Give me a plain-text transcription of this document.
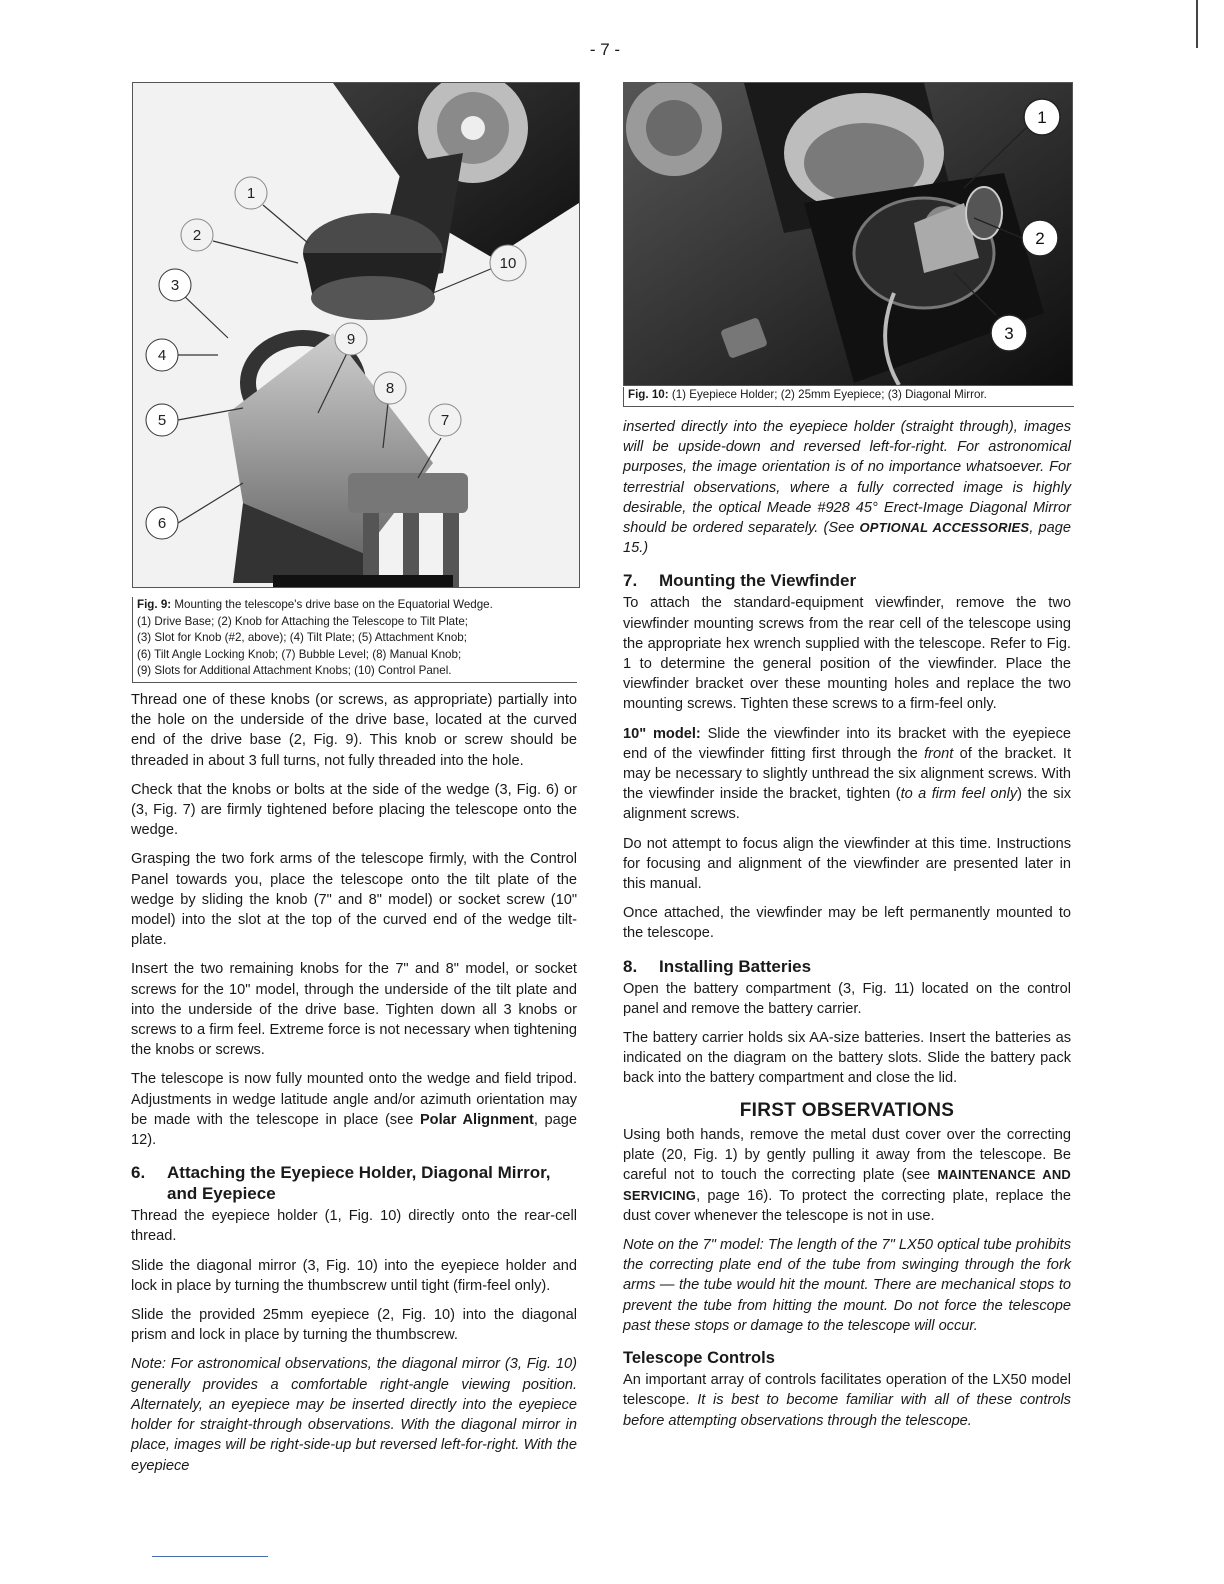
- 7 -
1
2
3
4
5
6
7
8
9
10
Fig. 9: Mounting the telescope's drive base on the Equatorial Wedge.
(1) Drive Base; (2) Knob for Attaching the Telescope to Tilt Plate;
(3) Slot for Knob (#2, above); (4) Tilt Plate; (5) Attachment Knob;
(6) Tilt Angle Locking Knob; (7) Bubble Level; (8) Manual Knob;
(9) Slots for Additional Attachment Knobs; (10) Control Panel.
1
2
3
Fig. 10: (1) Eyepiece Holder; (2) 25mm Eyepiece; (3) Diagonal Mirror.

Thread one of these knobs (or screws, as appropriate) partially into the hole on the underside of the drive base, located at the curved end of the drive base (2, Fig. 9). This knob or screw should be threaded in about 3 full turns, not fully threaded into the hole.

Check that the knobs or bolts at the side of the wedge (3, Fig. 6) or (3, Fig. 7) are firmly tightened before placing the telescope onto the wedge.

Grasping the two fork arms of the telescope firmly, with the Control Panel towards you, place the telescope onto the tilt plate of the wedge by sliding the knob (7" and 8" model) or socket screw (10" model) into the slot at the top of the curved end of the wedge tilt-plate.

Insert the two remaining knobs for the 7" and 8" model, or socket screws for the 10" model, through the underside of the tilt plate and into the underside of the drive base. Tighten down all 3 knobs or screws to a firm feel. Extreme force is not necessary when tightening the knobs or screws.

The telescope is now fully mounted onto the wedge and field tripod. Adjustments in wedge latitude angle and/or azimuth orientation may be made with the telescope in place (see Polar Alignment, page 12).

6. Attaching the Eyepiece Holder, Diagonal Mirror, and Eyepiece

Thread the eyepiece holder (1, Fig. 10) directly onto the rear-cell thread.

Slide the diagonal mirror (3, Fig. 10) into the eyepiece holder and lock in place by turning the thumbscrew until tight (firm-feel only).

Slide the provided 25mm eyepiece (2, Fig. 10) into the diagonal prism and lock in place by turning the thumbscrew.

Note: For astronomical observations, the diagonal mirror (3, Fig. 10) generally provides a comfortable right-angle viewing position. Alternately, an eyepiece may be inserted directly into the eyepiece holder for straight-through observations. With the diagonal mirror in place, images will be right-side-up but reversed left-for-right. With the eyepiece

inserted directly into the eyepiece holder (straight through), images will be upside-down and reversed left-for-right. For astronomical purposes, the image orientation is of no importance whatsoever. For terrestrial observations, where a fully corrected image is highly desirable, the optical Meade #928 45° Erect-Image Diagonal Mirror should be ordered separately. (See OPTIONAL ACCESSORIES, page 15.)

7. Mounting the Viewfinder

To attach the standard-equipment viewfinder, remove the two viewfinder mounting screws from the rear cell of the telescope using the appropriate hex wrench supplied with the telescope. Refer to Fig. 1 to determine the general position of the viewfinder. Place the viewfinder bracket over these mounting holes and replace the two mounting screws. Tighten these screws to a firm-feel only.

10" model: Slide the viewfinder into its bracket with the eyepiece end of the viewfinder fitting first through the front of the bracket. It may be necessary to slightly unthread the six alignment screws. With the viewfinder inside the bracket, tighten (to a firm feel only) the six alignment screws.

Do not attempt to focus align the viewfinder at this time. Instructions for focusing and alignment of the viewfinder are presented later in this manual.

Once attached, the viewfinder may be left permanently mounted to the telescope.

8. Installing Batteries

Open the battery compartment (3, Fig. 11) located on the control panel and remove the battery carrier.

The battery carrier holds six AA-size batteries. Insert the batteries as indicated on the diagram on the battery slots. Slide the battery pack back into the battery compartment and close the lid.

FIRST OBSERVATIONS

Using both hands, remove the metal dust cover over the correcting plate (20, Fig. 1) by gently pulling it away from the telescope. Be careful not to touch the correcting plate (see MAINTENANCE AND SERVICING, page 16). To protect the correcting plate, replace the dust cover whenever the telescope is not in use.

Note on the 7" model: The length of the 7" LX50 optical tube prohibits the correcting plate end of the tube from swinging through the fork arms — the tube would hit the mount. There are mechanical stops to prevent the tube from hitting the mount. Do not force the telescope past these stops or damage to the telescope will occur.

Telescope Controls

An important array of controls facilitates operation of the LX50 model telescope. It is best to become familiar with all of these controls before attempting observations through the telescope.
